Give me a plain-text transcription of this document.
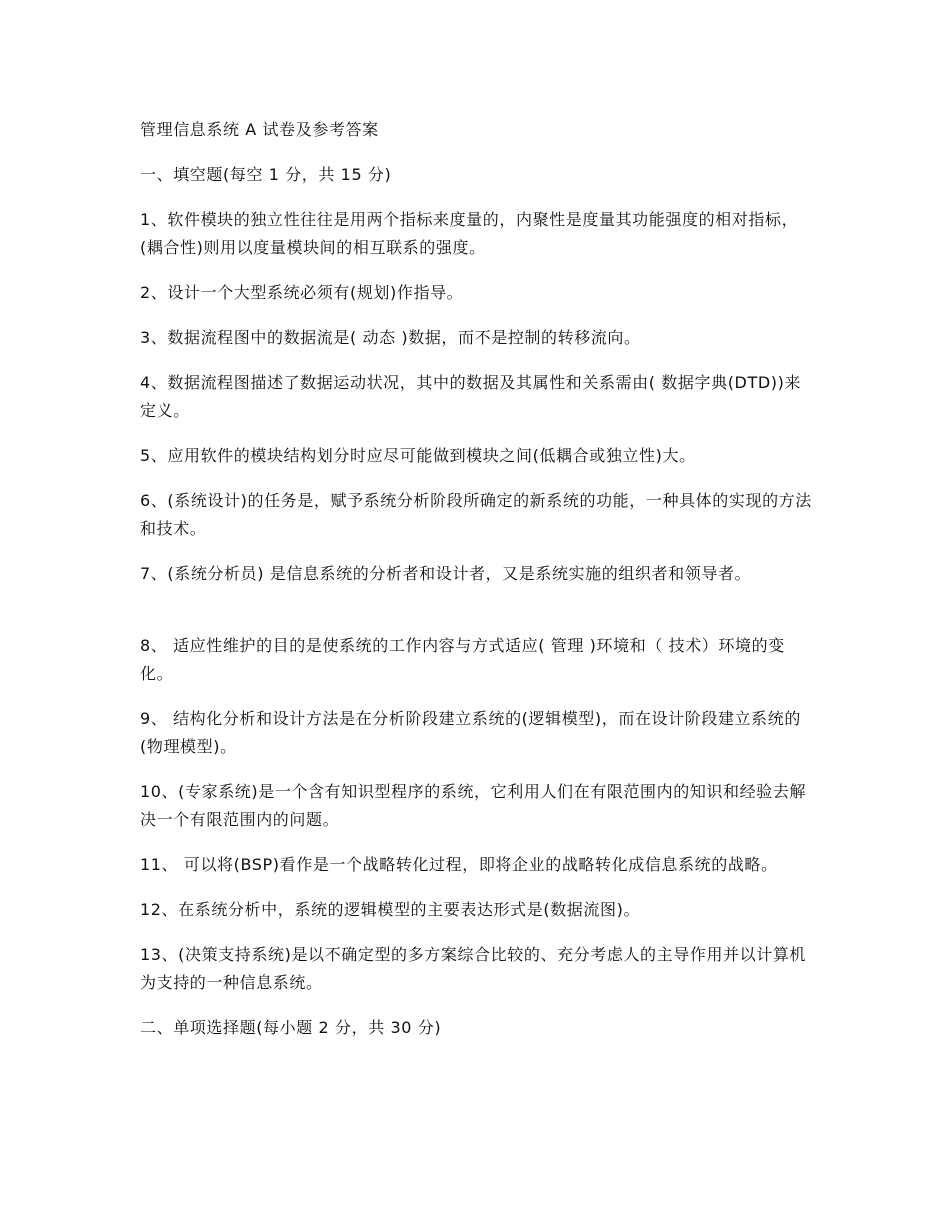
管理信息系统 A 试卷及参考答案

一、填空题(每空 1 分，共 15 分)

1、软件模块的独立性往往是用两个指标来度量的，内聚性是度量其功能强度的相对指标，(耦合性)则用以度量模块间的相互联系的强度。

2、设计一个大型系统必须有(规划)作指导。

3、数据流程图中的数据流是( 动态 )数据，而不是控制的转移流向。

4、数据流程图描述了数据运动状况，其中的数据及其属性和关系需由( 数据字典(DTD))来定义。

5、应用软件的模块结构划分时应尽可能做到模块之间(低耦合或独立性)大。

6、(系统设计)的任务是，赋予系统分析阶段所确定的新系统的功能，一种具体的实现的方法和技术。

7、(系统分析员) 是信息系统的分析者和设计者，又是系统实施的组织者和领导者。

8、 适应性维护的目的是使系统的工作内容与方式适应( 管理 )环境和（ 技术）环境的变化。

9、 结构化分析和设计方法是在分析阶段建立系统的(逻辑模型)，而在设计阶段建立系统的(物理模型)。

10、(专家系统)是一个含有知识型程序的系统，它利用人们在有限范围内的知识和经验去解决一个有限范围内的问题。

11、 可以将(BSP)看作是一个战略转化过程，即将企业的战略转化成信息系统的战略。

12、在系统分析中，系统的逻辑模型的主要表达形式是(数据流图)。

13、(决策支持系统)是以不确定型的多方案综合比较的、充分考虑人的主导作用并以计算机为支持的一种信息系统。

二、单项选择题(每小题 2 分，共 30 分)
